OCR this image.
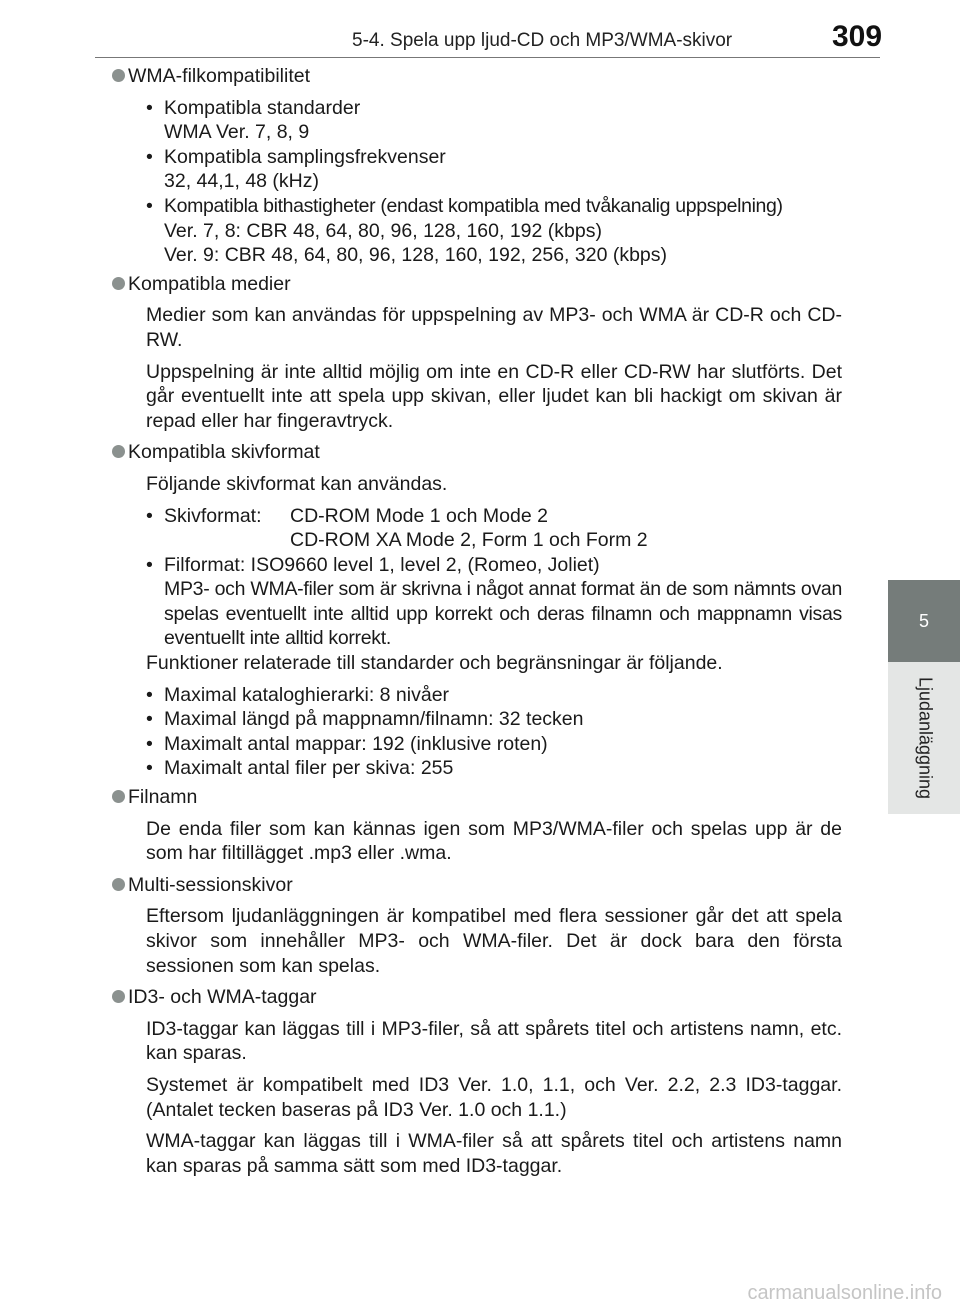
5-4. Spela upp ljud-CD och MP3/WMA-skivor	309
5
Ljudanläggning
WMA-filkompatibilitet
• Kompatibla standarder
WMA Ver. 7, 8, 9
• Kompatibla samplingsfrekvenser
32, 44,1, 48 (kHz)
• Kompatibla bithastigheter (endast kompatibla med tvåkanalig uppspelning)
Ver. 7, 8: CBR 48, 64, 80, 96, 128, 160, 192 (kbps)
Ver. 9: CBR 48, 64, 80, 96, 128, 160, 192, 256, 320 (kbps)
Kompatibla medier

Medier som kan användas för uppspelning av MP3- och WMA är CD-R och CD-RW.

Uppspelning är inte alltid möjlig om inte en CD-R eller CD-RW har slutförts. Det går eventuellt inte att spela upp skivan, eller ljudet kan bli hackigt om skivan är repad eller har fingeravtryck.

Kompatibla skivformat

Följande skivformat kan användas.

• Skivformat:	CD-ROM Mode 1 och Mode 2
CD-ROM XA Mode 2, Form 1 och Form 2
• Filformat: ISO9660 level 1, level 2, (Romeo, Joliet)
MP3- och WMA-filer som är skrivna i något annat format än de som nämnts ovan spelas eventuellt inte alltid upp korrekt och deras filnamn och mappnamn visas eventuellt inte alltid korrekt.
Funktioner relaterade till standarder och begränsningar är följande.
• Maximal kataloghierarki: 8 nivåer
• Maximal längd på mappnamn/filnamn: 32 tecken
• Maximalt antal mappar: 192 (inklusive roten)
• Maximalt antal filer per skiva: 255
Filnamn

De enda filer som kan kännas igen som MP3/WMA-filer och spelas upp är de som har filtillägget .mp3 eller .wma.

Multi-sessionskivor

Eftersom ljudanläggningen är kompatibel med flera sessioner går det att spela skivor som innehåller MP3- och WMA-filer. Det är dock bara den första sessionen som kan spelas.

ID3- och WMA-taggar

ID3-taggar kan läggas till i MP3-filer, så att spårets titel och artistens namn, etc. kan sparas.

Systemet är kompatibelt med ID3 Ver. 1.0, 1.1, och Ver. 2.2, 2.3 ID3-taggar. (Antalet tecken baseras på ID3 Ver. 1.0 och 1.1.)

WMA-taggar kan läggas till i WMA-filer så att spårets titel och artistens namn kan sparas på samma sätt som med ID3-taggar.

carmanualsonline.info
